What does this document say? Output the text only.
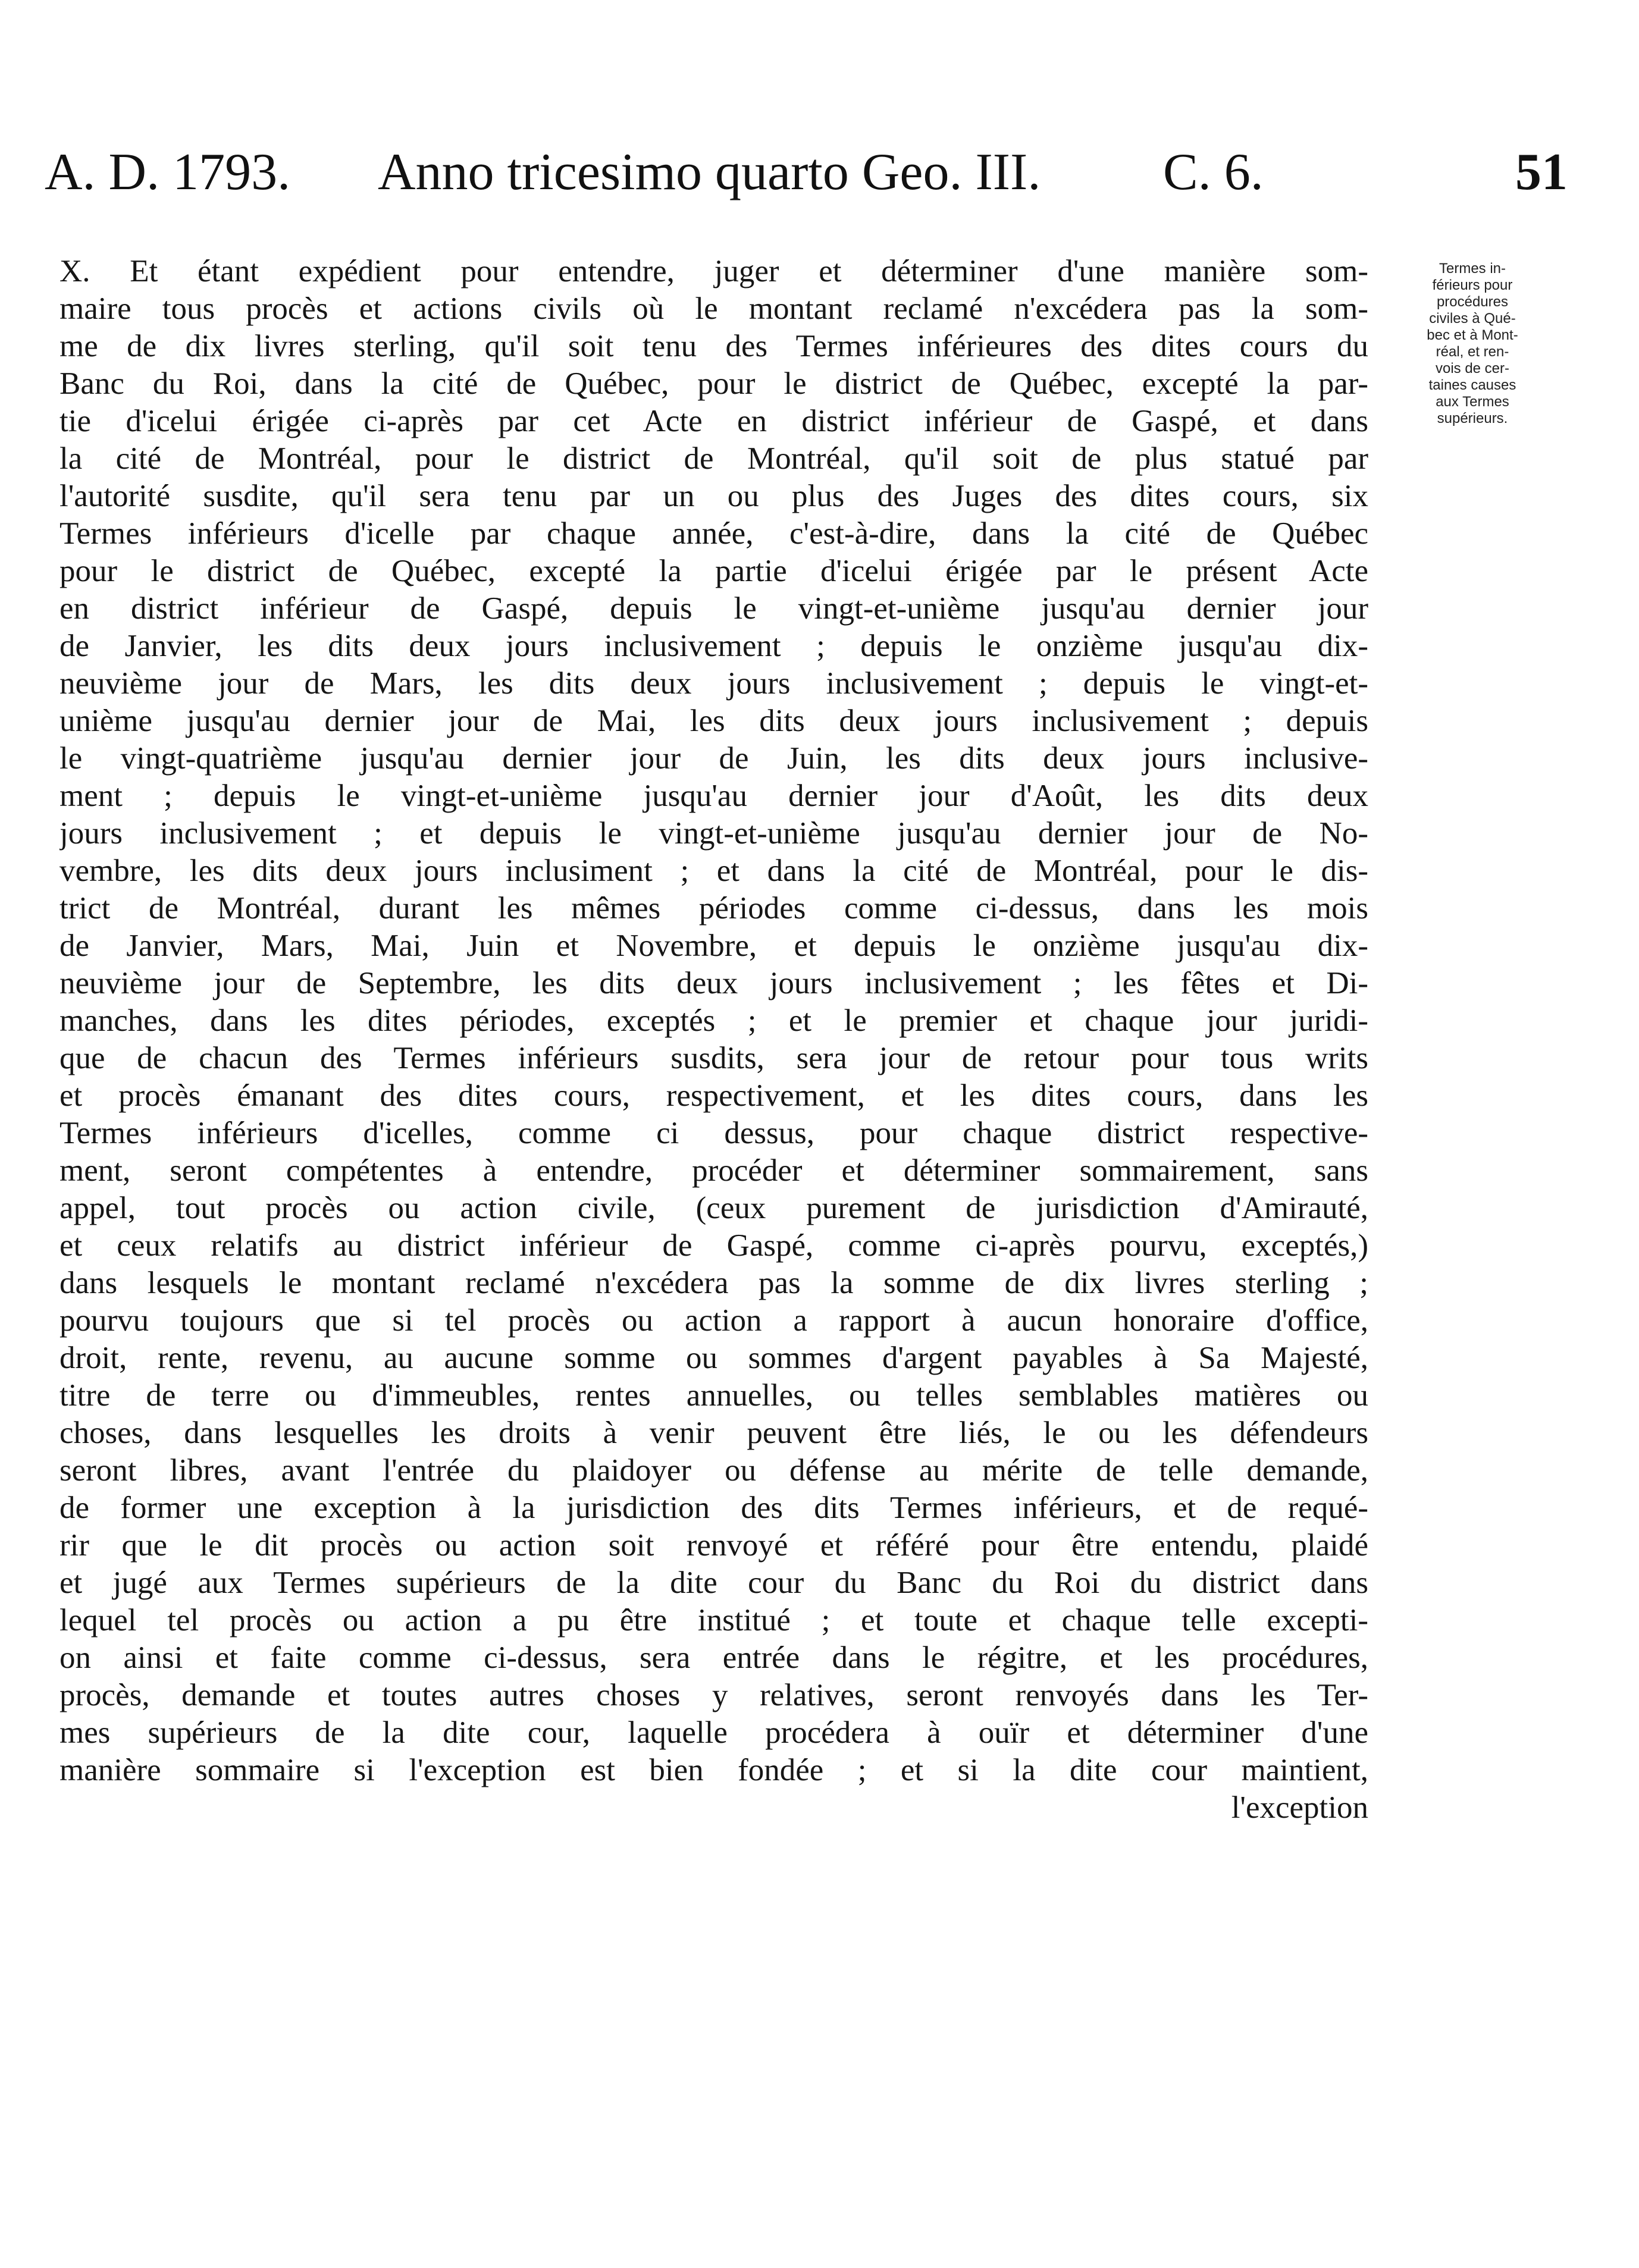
A. D. 1793. Anno tricesimo quarto Geo. III. C. 6.	51
Termes in-
férieurs pour
procédures
civiles à Qué-
bec et à Mont-
réal, et ren-
vois de cer-
taines causes
aux Termes
supérieurs.
X. Et étant expédient pour entendre, juger et déterminer d'une manière som-
maire tous procès et actions civils où le montant reclamé n'excédera pas la som-
me de dix livres sterling, qu'il soit tenu des Termes inférieures des dites cours du
Banc du Roi, dans la cité de Québec, pour le district de Québec, excepté la par-
tie d'icelui érigée ci-après par cet Acte en district inférieur de Gaspé, et dans
la cité de Montréal, pour le district de Montréal, qu'il soit de plus statué par
l'autorité susdite, qu'il sera tenu par un ou plus des Juges des dites cours, six
Termes inférieurs d'icelle par chaque année, c'est-à-dire, dans la cité de Québec
pour le district de Québec, excepté la partie d'icelui érigée par le présent Acte
en district inférieur de Gaspé, depuis le vingt-et-unième jusqu'au dernier jour
de Janvier, les dits deux jours inclusivement ; depuis le onzième jusqu'au dix-
neuvième jour de Mars, les dits deux jours inclusivement ; depuis le vingt-et-
unième jusqu'au dernier jour de Mai, les dits deux jours inclusivement ; depuis
le vingt-quatrième jusqu'au dernier jour de Juin, les dits deux jours inclusive-
ment ; depuis le vingt-et-unième jusqu'au dernier jour d'Août, les dits deux
jours inclusivement ; et depuis le vingt-et-unième jusqu'au dernier jour de No-
vembre, les dits deux jours inclusiment ; et dans la cité de Montréal, pour le dis-
trict de Montréal, durant les mêmes périodes comme ci-dessus, dans les mois
de Janvier, Mars, Mai, Juin et Novembre, et depuis le onzième jusqu'au dix-
neuvième jour de Septembre, les dits deux jours inclusivement ; les fêtes et Di-
manches, dans les dites périodes, exceptés ; et le premier et chaque jour juridi-
que de chacun des Termes inférieurs susdits, sera jour de retour pour tous writs
et procès émanant des dites cours, respectivement, et les dites cours, dans les
Termes inférieurs d'icelles, comme ci dessus, pour chaque district respective-
ment, seront compétentes à entendre, procéder et déterminer sommairement, sans
appel, tout procès ou action civile, (ceux purement de jurisdiction d'Amirauté,
et ceux relatifs au district inférieur de Gaspé, comme ci-après pourvu, exceptés,)
dans lesquels le montant reclamé n'excédera pas la somme de dix livres sterling ;
pourvu toujours que si tel procès ou action a rapport à aucun honoraire d'office,
droit, rente, revenu, au aucune somme ou sommes d'argent payables à Sa Majesté,
titre de terre ou d'immeubles, rentes annuelles, ou telles semblables matières ou
choses, dans lesquelles les droits à venir peuvent être liés, le ou les défendeurs
seront libres, avant l'entrée du plaidoyer ou défense au mérite de telle demande,
de former une exception à la jurisdiction des dits Termes inférieurs, et de requé-
rir que le dit procès ou action soit renvoyé et référé pour être entendu, plaidé
et jugé aux Termes supérieurs de la dite cour du Banc du Roi du district dans
lequel tel procès ou action a pu être institué ; et toute et chaque telle excepti-
on ainsi et faite comme ci-dessus, sera entrée dans le régitre, et les procédures,
procès, demande et toutes autres choses y relatives, seront renvoyés dans les Ter-
mes supérieurs de la dite cour, laquelle procédera à ouïr et déterminer d'une
manière sommaire si l'exception est bien fondée ; et si la dite cour maintient,
l'exception
